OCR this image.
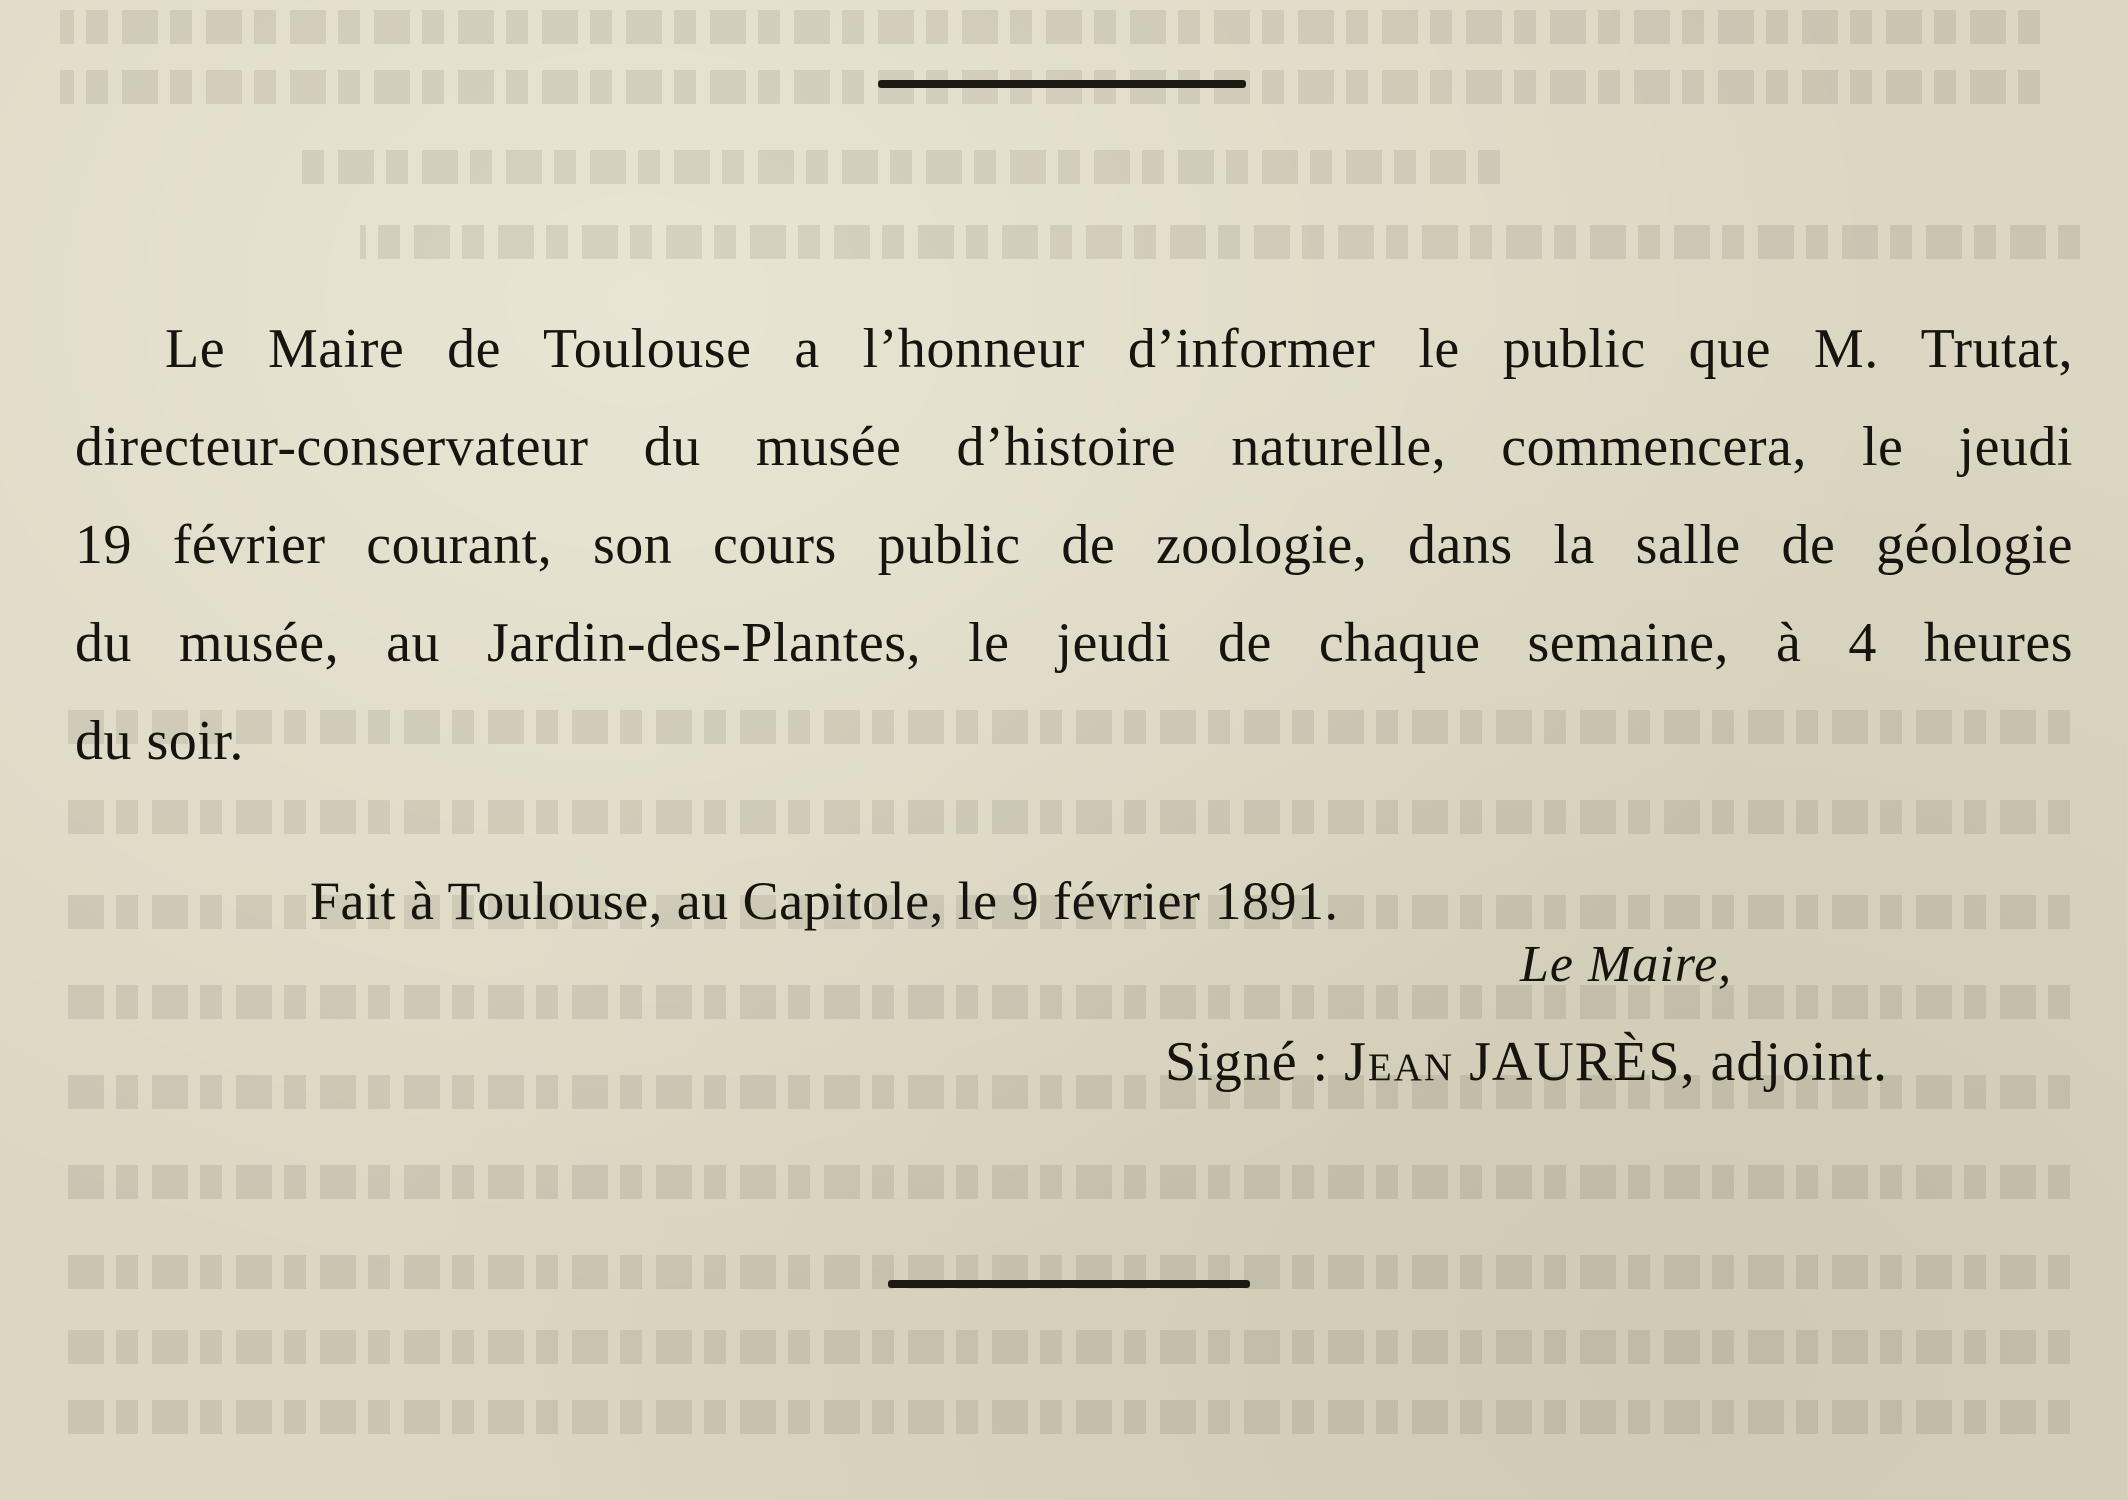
Le Maire de Toulouse a l’honneur d’informer le public que M. Trutat,
directeur-conservateur du musée d’histoire naturelle, commencera, le jeudi
19 février courant, son cours public de zoologie, dans la salle de géologie
du musée, au Jardin-des-Plantes, le jeudi de chaque semaine, à 4 heures
du soir.
Fait à Toulouse, au Capitole, le 9 février 1891.
Le Maire,
Signé : Jean JAURÈS, adjoint.
